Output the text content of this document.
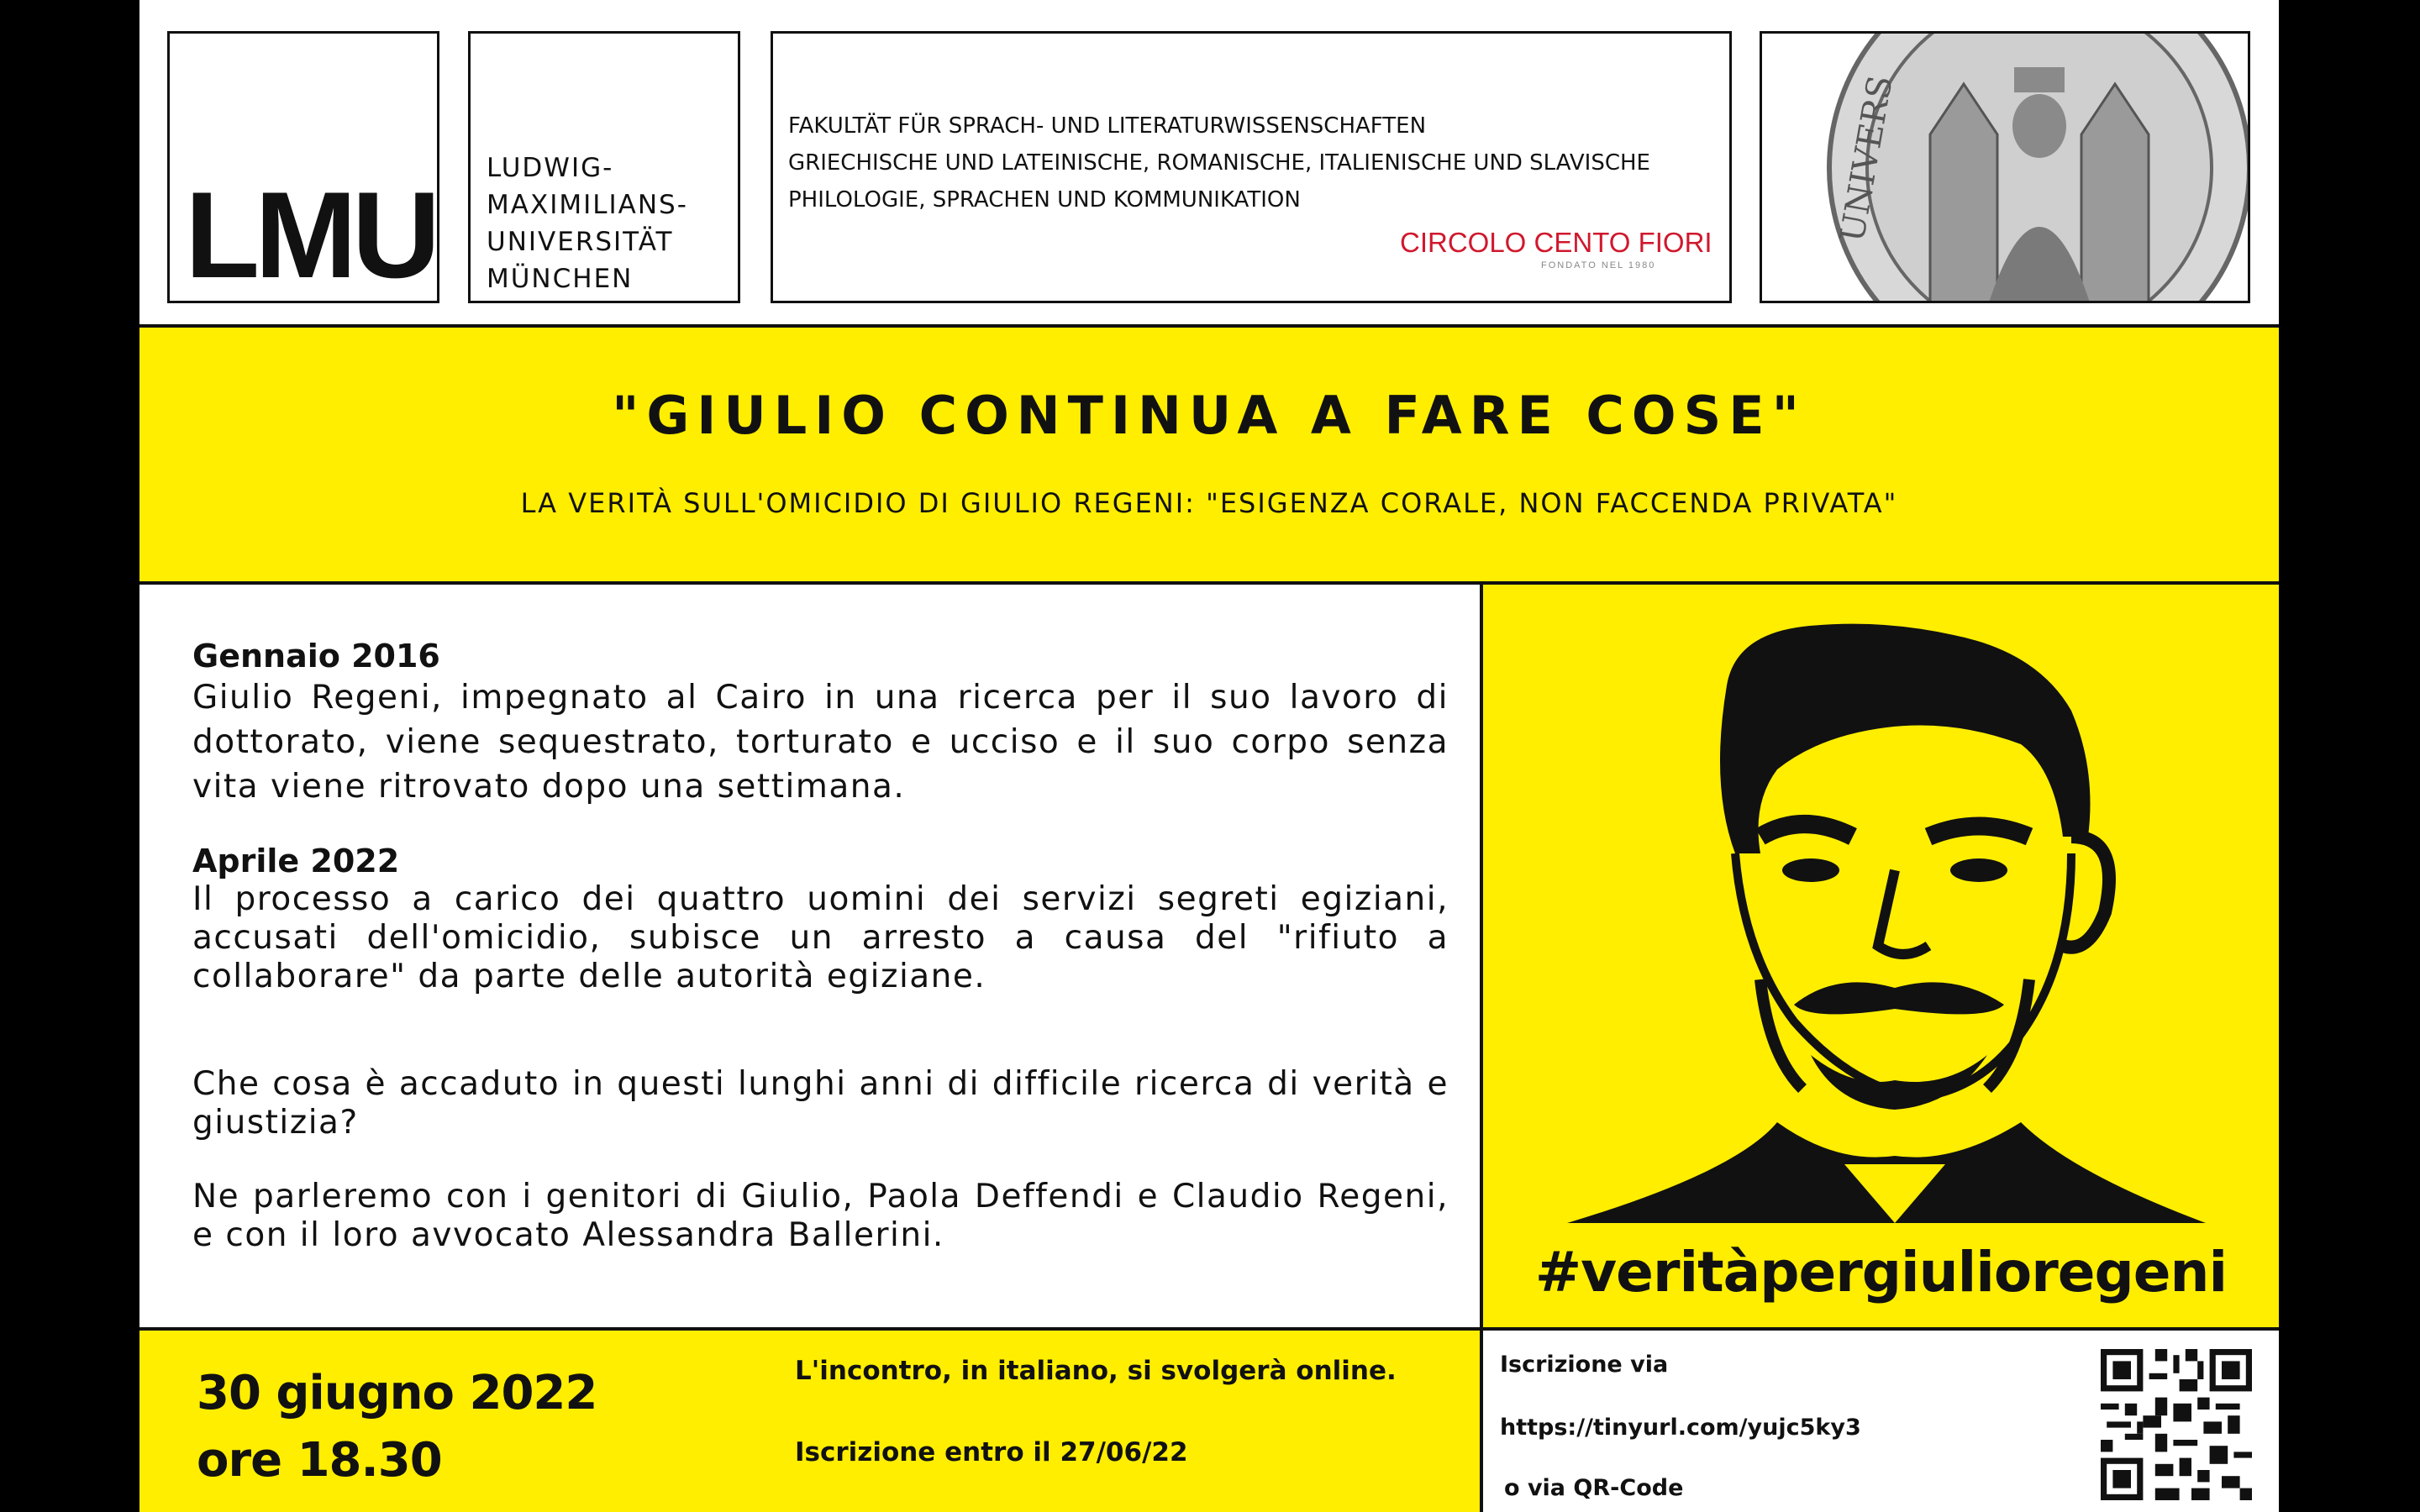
LMU LUDWIG-
MAXIMILIANS-
UNIVERSITÄT
MÜNCHEN
FAKULTÄT FÜR SPRACH- UND LITERATURWISSENSCHAFTEN
GRIECHISCHE UND LATEINISCHE, ROMANISCHE, ITALIENISCHE UND SLAVISCHE
PHILOLOGIE, SPRACHEN UND KOMMUNIKATION
CIRCOLO CENTO FIORI
FONDATO NEL 1980
UNIVERS
"GIULIO CONTINUA A FARE COSE"
LA VERITÀ SULL'OMICIDIO DI GIULIO REGENI: "ESIGENZA CORALE, NON FACCENDA PRIVATA"
Gennaio 2016
Giulio Regeni, impegnato al Cairo in una ricerca per il suo lavoro di dottorato, viene sequestrato, torturato e ucciso e il suo corpo senza vita viene ritrovato dopo una settimana.
Aprile 2022
Il processo a carico dei quattro uomini dei servizi segreti egiziani, accusati dell'omicidio, subisce un arresto a causa del "rifiuto a collaborare" da parte delle autorità egiziane.
Che cosa è accaduto in questi lunghi anni di difficile ricerca di verità e giustizia?
Ne parleremo con i genitori di Giulio, Paola Deffendi e Claudio Regeni, e con il loro avvocato Alessandra Ballerini.
#veritàpergiulioregeni
30 giugno 2022
ore 18.30
L'incontro, in italiano, si svolgerà online.
Iscrizione entro il 27/06/22
Iscrizione via
https://tinyurl.com/yujc5ky3
o via QR-Code
